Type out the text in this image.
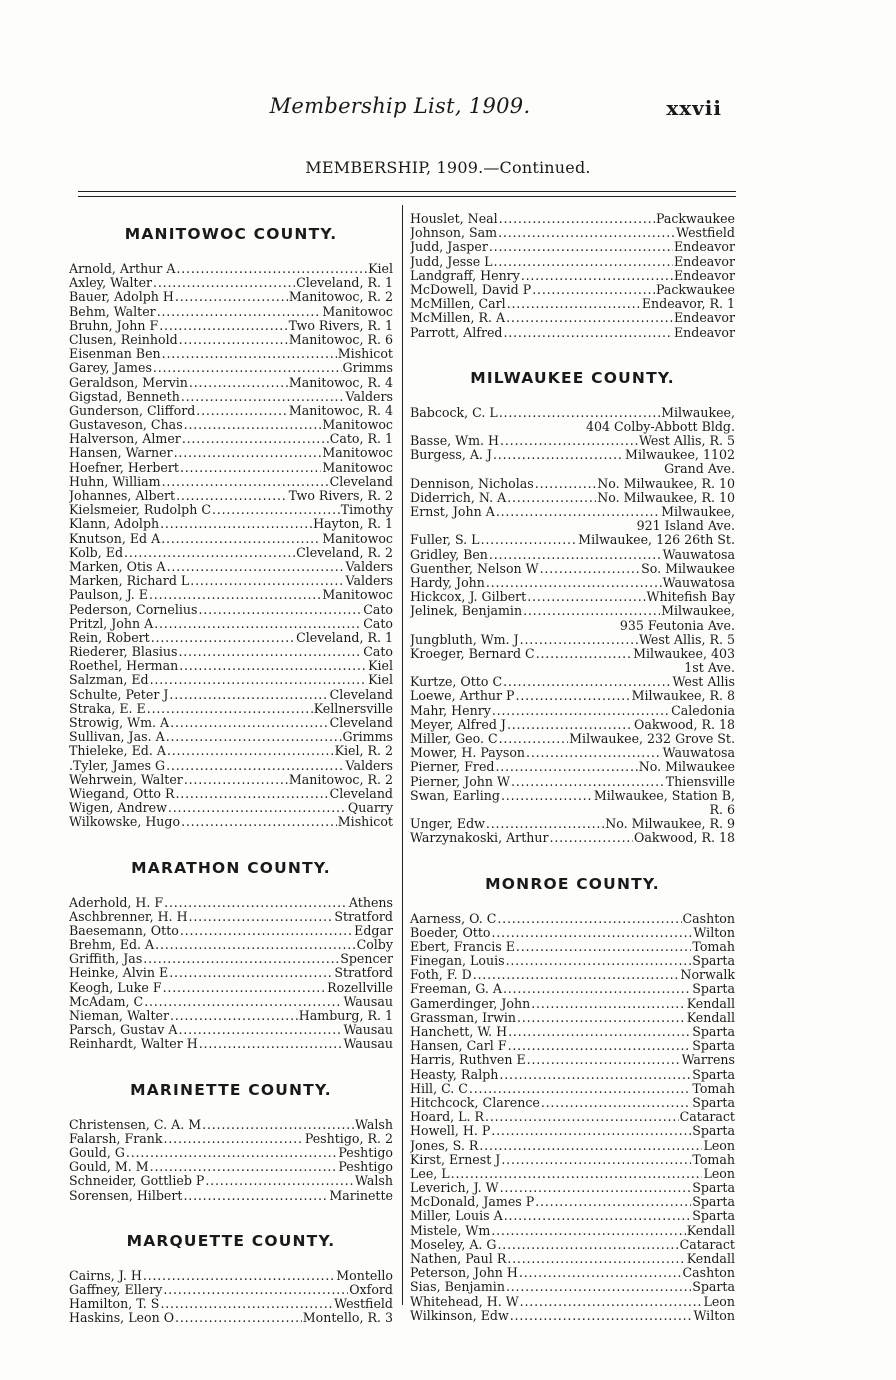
Membership List, 1909.	xxvii
MEMBERSHIP, 1909.—Continued.
MANITOWOC COUNTY.
Arnold, Arthur A .....	Kiel
Axley, Walter .....	Cleveland, R. 1
Bauer, Adolph H .....	Manitowoc, R. 2
Behm, Walter .....	Manitowoc
Bruhn, John F .....	Two Rivers, R. 1
Clusen, Reinhold .....	Manitowoc, R. 6
Eisenman Ben .....	Mishicot
Garey, James .....	Grimms
Geraldson, Mervin .....	Manitowoc, R. 4
Gigstad, Benneth .....	Valders
Gunderson, Clifford .....	Manitowoc, R. 4
Gustaveson, Chas .....	Manitowoc
Halverson, Almer .....	Cato, R. 1
Hansen, Warner .....	Manitowoc
Hoefner, Herbert .....	Manitowoc
Huhn, William .....	Cleveland
Johannes, Albert .....	Two Rivers, R. 2
Kielsmeier, Rudolph C .....	Timothy
Klann, Adolph .....	Hayton, R. 1
Knutson, Ed A .....	Manitowoc
Kolb, Ed .....	Cleveland, R. 2
Marken, Otis A .....	Valders
Marken, Richard L .....	Valders
Paulson, J. E .....	Manitowoc
Pederson, Cornelius .....	Cato
Pritzl, John A .....	Cato
Rein, Robert .....	Cleveland, R. 1
Riederer, Blasius .....	Cato
Roethel, Herman .....	Kiel
Salzman, Ed .....	Kiel
Schulte, Peter J .....	Cleveland
Straka, E. E .....	Kellnersville
Strowig, Wm. A .....	Cleveland
Sullivan, Jas. A .....	Grimms
Thieleke, Ed. A .....	Kiel, R. 2
.Tyler, James G .....	Valders
Wehrwein, Walter .....	Manitowoc, R. 2
Wiegand, Otto R .....	Cleveland
Wigen, Andrew .....	Quarry
Wilkowske, Hugo .....	Mishicot
MARATHON COUNTY.
Aderhold, H. F .....	Athens
Aschbrenner, H. H .....	Stratford
Baesemann, Otto .....	Edgar
Brehm, Ed. A .....	Colby
Griffith, Jas .....	Spencer
Heinke, Alvin E .....	Stratford
Keogh, Luke F .....	Rozellville
McAdam, C .....	Wausau
Nieman, Walter .....	Hamburg, R. 1
Parsch, Gustav A .....	Wausau
Reinhardt, Walter H .....	Wausau
MARINETTE COUNTY.
Christensen, C. A. M .....	Walsh
Falarsh, Frank .....	Peshtigo, R. 2
Gould, G .....	Peshtigo
Gould, M. M .....	Peshtigo
Schneider, Gottlieb P .....	Walsh
Sorensen, Hilbert .....	Marinette
MARQUETTE COUNTY.
Cairns, J. H .....	Montello
Gaffney, Ellery .....	Oxford
Hamilton, T. S .....	Westfield
Haskins, Leon O .....	Montello, R. 3
Houslet, Neal .....	Packwaukee
Johnson, Sam .....	Westfield
Judd, Jasper .....	Endeavor
Judd, Jesse L .....	Endeavor
Landgraff, Henry .....	Endeavor
McDowell, David P .....	Packwaukee
McMillen, Carl .....	Endeavor, R. 1
McMillen, R. A .....	Endeavor
Parrott, Alfred .....	Endeavor
MILWAUKEE COUNTY.
Babcock, C. L .....	Milwaukee,
404 Colby-Abbott Bldg.
Basse, Wm. H .....	West Allis, R. 5
Burgess, A. J .....	Milwaukee, 1102
Grand Ave.
Dennison, Nicholas .....	No. Milwaukee, R. 10
Diderrich, N. A .....	No. Milwaukee, R. 10
Ernst, John A .....	Milwaukee,
921 Island Ave.
Fuller, S. L .....	Milwaukee, 126 26th St.
Gridley, Ben .....	Wauwatosa
Guenther, Nelson W .....	So. Milwaukee
Hardy, John .....	Wauwatosa
Hickcox, J. Gilbert .....	Whitefish Bay
Jelinek, Benjamin .....	Milwaukee,
935 Feutonia Ave.
Jungbluth, Wm. J .....	West Allis, R. 5
Kroeger, Bernard C .....	Milwaukee, 403
1st Ave.
Kurtze, Otto C .....	West Allis
Loewe, Arthur P .....	Milwaukee, R. 8
Mahr, Henry .....	Caledonia
Meyer, Alfred J .....	Oakwood, R. 18
Miller, Geo. C .....	Milwaukee, 232 Grove St.
Mower, H. Payson .....	Wauwatosa
Pierner, Fred .....	No. Milwaukee
Pierner, John W .....	Thiensville
Swan, Earling .....	Milwaukee, Station B,
R. 6
Unger, Edw .....	No. Milwaukee, R. 9
Warzynakoski, Arthur .....	Oakwood, R. 18
MONROE COUNTY.
Aarness, O. C .....	Cashton
Boeder, Otto .....	Wilton
Ebert, Francis E .....	Tomah
Finegan, Louis .....	Sparta
Foth, F. D .....	Norwalk
Freeman, G. A .....	Sparta
Gamerdinger, John .....	Kendall
Grassman, Irwin .....	Kendall
Hanchett, W. H .....	Sparta
Hansen, Carl F .....	Sparta
Harris, Ruthven E .....	Warrens
Heasty, Ralph .....	Sparta
Hill, C. C .....	Tomah
Hitchcock, Clarence .....	Sparta
Hoard, L. R .....	Cataract
Howell, H. P .....	Sparta
Jones, S. R .....	Leon
Kirst, Ernest J .....	Tomah
Lee, L .....	Leon
Leverich, J. W .....	Sparta
McDonald, James P .....	Sparta
Miller, Louis A .....	Sparta
Mistele, Wm .....	Kendall
Moseley, A. G .....	Cataract
Nathen, Paul R .....	Kendall
Peterson, John H .....	Cashton
Sias, Benjamin .....	Sparta
Whitehead, H. W .....	Leon
Wilkinson, Edw .....	Wilton
